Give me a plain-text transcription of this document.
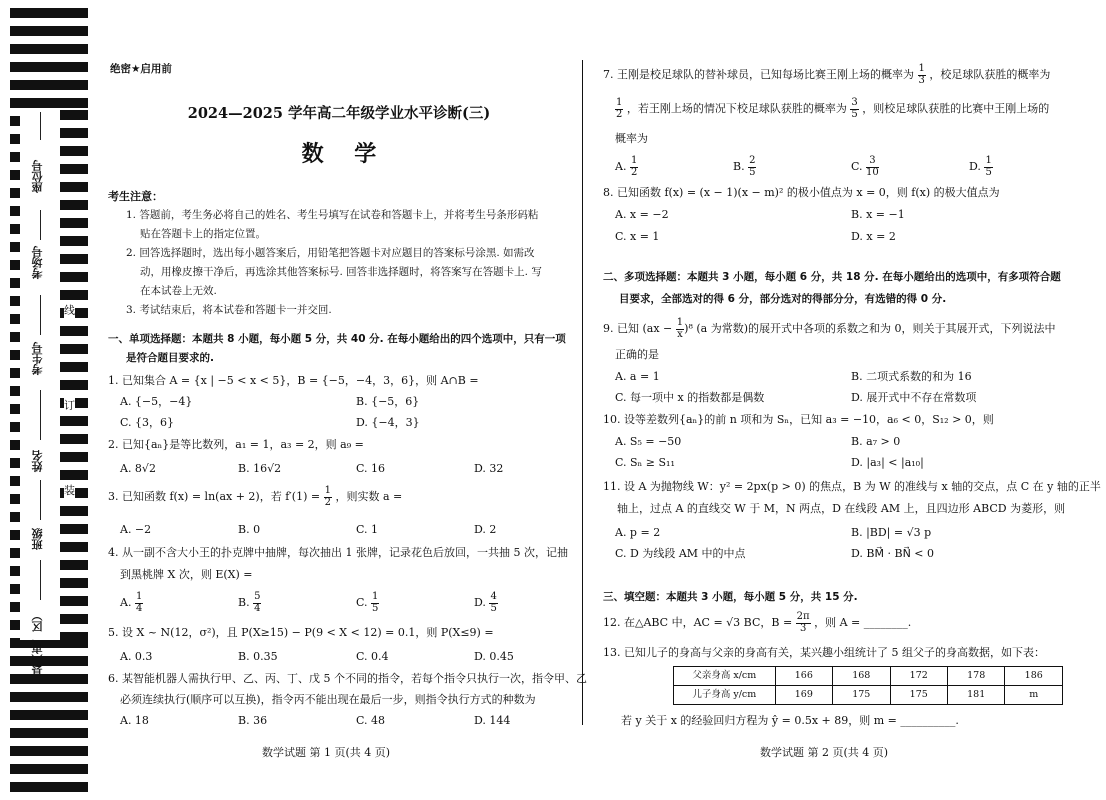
座位号
考场号
考生号
姓名
班级
县（市、区）
线
订
装
绝密★启用前
2024—2025 学年高二年级学业水平诊断(三)
数    学
考生注意：
1. 答题前，考生务必将自己的姓名、考生号填写在试卷和答题卡上，并将考生号条形码粘
贴在答题卡上的指定位置。
2. 回答选择题时，选出每小题答案后，用铅笔把答题卡对应题目的答案标号涂黑. 如需改
动，用橡皮擦干净后，再选涂其他答案标号. 回答非选择题时，将答案写在答题卡上. 写
在本试卷上无效.
3. 考试结束后，将本试卷和答题卡一并交回.
一、单项选择题：本题共 8 小题，每小题 5 分，共 40 分. 在每小题给出的四个选项中，只有一项
是符合题目要求的.
1. 已知集合 A = {x | −5 < x < 5}，B = {−5，−4，3，6}，则 A∩B =
A. {−5，−4}	B. {−5，6}
C. {3，6}	D. {−4，3}
2. 已知{aₙ}是等比数列，a₁ = 1，a₃ = 2，则 a₉ =
A. 8√2	B. 16√2	C. 16	D. 32
3. 已知函数 f(x) = ln(ax + 2)，若 $f'(1) = \frac{1}{2}$ ，则实数 a =
A. −2	B. 0	C. 1	D. 2
4. 从一副不含大小王的扑克牌中抽牌，每次抽出 1 张牌，记录花色后放回，一共抽 5 次，记抽
到黑桃牌 X 次，则 E(X) =
A. $\frac{1}{4}$	B. $\frac{5}{4}$	C. $\frac{1}{5}$	D. $\frac{4}{5}$
5. 设 X ~ N(12，σ²)，且 P(X≥15) − P(9 < X < 12) = 0.1，则 P(X≤9) =
A. 0.3	B. 0.35	C. 0.4	D. 0.45
6. 某智能机器人需执行甲、乙、丙、丁、戊 5 个不同的指令，若每个指令只执行一次，指令甲、乙
必须连续执行(顺序可以互换)，指令丙不能出现在最后一步，则指令执行方式的种数为
A. 18	B. 36	C. 48	D. 144
数学试题 第 1 页(共 4 页)
7. 王刚是校足球队的替补球员，已知每场比赛王刚上场的概率为 $\frac{1}{3}$ ，校足球队获胜的概率为
$\frac{1}{2}$ ，若王刚上场的情况下校足球队获胜的概率为 $\frac{3}{5}$ ，则校足球队获胜的比赛中王刚上场的
概率为
A. $\frac{1}{2}$	B. $\frac{2}{5}$	C. $\frac{3}{10}$	D. $\frac{1}{5}$
8. 已知函数 f(x) = (x − 1)(x − m)² 的极小值点为 x = 0，则 f(x) 的极大值点为
A. x = −2	B. x = −1
C. x = 1	D. x = 2
二、多项选择题：本题共 3 小题，每小题 6 分，共 18 分. 在每小题给出的选项中，有多项符合题
目要求，全部选对的得 6 分，部分选对的得部分分，有选错的得 0 分.
9. 已知 $(ax - \frac{1}{x} )^8$ (a 为常数)的展开式中各项的系数之和为 0，则关于其展开式，下列说法中
正确的是
A. a = 1	B. 二项式系数的和为 16
C. 每一项中 x 的指数都是偶数	D. 展开式中不存在常数项
10. 设等差数列{aₙ}的前 n 项和为 Sₙ，已知 a₃ = −10，a₆ < 0，S₁₂ > 0，则
A. S₅ = −50	B. a₇ > 0
C. Sₙ ≥ S₁₁	D. |a₃| < |a₁₀|
11. 设 A 为抛物线 W：y² = 2px(p > 0) 的焦点，B 为 W 的准线与 x 轴的交点，点 C 在 y 轴的正半
轴上，过点 A 的直线交 W 于 M，N 两点，D 在线段 AM 上，且四边形 ABCD 为菱形，则
A. p = 2	B. |BD| = √3 p
C. D 为线段 AM 中的中点	D. BM⃗ · BN⃗ < 0
三、填空题：本题共 3 小题，每小题 5 分，共 15 分.
12. 在△ABC 中，AC = √3 BC，$B = \frac{2\pi}{3}$ ，则 A = ________.
13. 已知儿子的身高与父亲的身高有关，某兴趣小组统计了 5 组父子的身高数据，如下表：
父亲身高 x/cm	166	168	172	178	186
儿子身高 y/cm	169	175	175	181	m
若 y 关于 x 的经验回归方程为 ŷ = 0.5x + 89，则 m = __________.
数学试题 第 2 页(共 4 页)
